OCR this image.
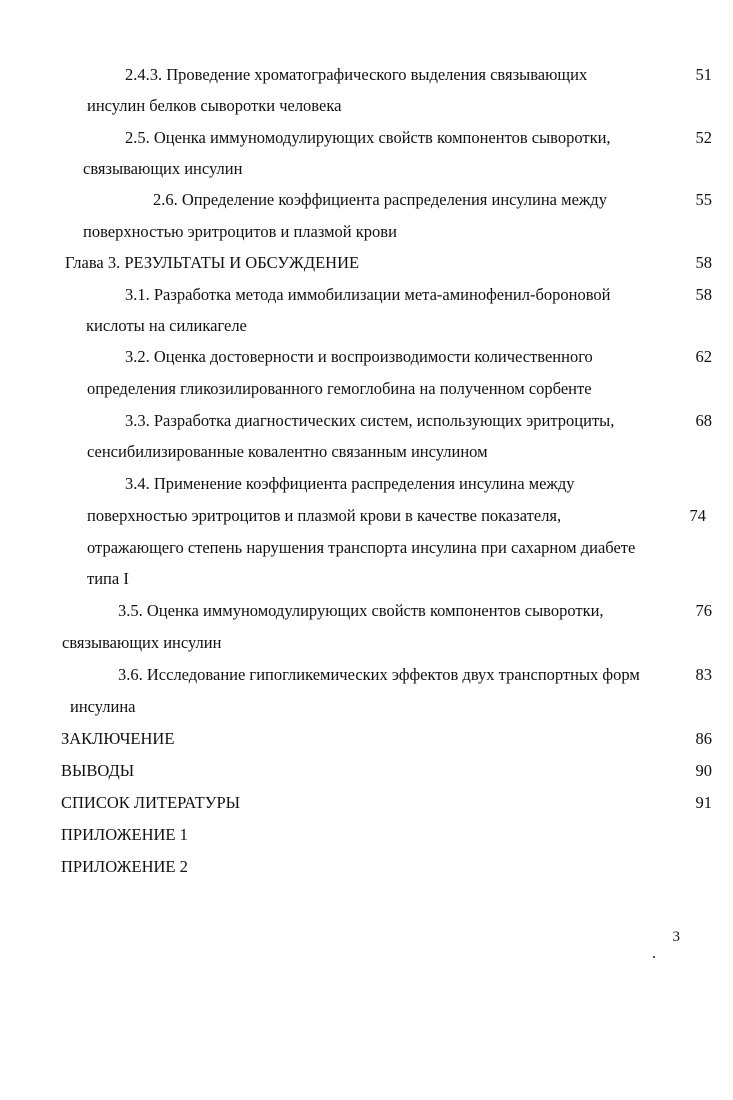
2.4.3. Проведение хроматографического выделения связывающих	51
инсулин белков сыворотки человека
2.5. Оценка иммуномодулирующих свойств компонентов сыворотки,	52
связывающих инсулин
2.6. Определение коэффициента распределения инсулина между	55
поверхностью эритроцитов и плазмой крови
Глава 3. РЕЗУЛЬТАТЫ И ОБСУЖДЕНИЕ	58
3.1. Разработка метода иммобилизации мета-аминофенил-бороновой	58
кислоты на силикагеле
3.2. Оценка достоверности и воспроизводимости количественного	62
определения гликозилированного гемоглобина на полученном сорбенте
3.3. Разработка диагностических систем, использующих эритроциты,	68
сенсибилизированные ковалентно связанным инсулином
3.4. Применение коэффициента распределения инсулина между
поверхностью эритроцитов и плазмой крови в качестве показателя,	74
отражающего степень нарушения транспорта инсулина при сахарном диабете
типа I
3.5. Оценка иммуномодулирующих свойств компонентов сыворотки,	76
связывающих инсулин
3.6. Исследование гипогликемических эффектов двух транспортных форм	83
инсулина
ЗАКЛЮЧЕНИЕ	86
ВЫВОДЫ	90
СПИСОК ЛИТЕРАТУРЫ	91
ПРИЛОЖЕНИЕ 1
ПРИЛОЖЕНИЕ 2
3
